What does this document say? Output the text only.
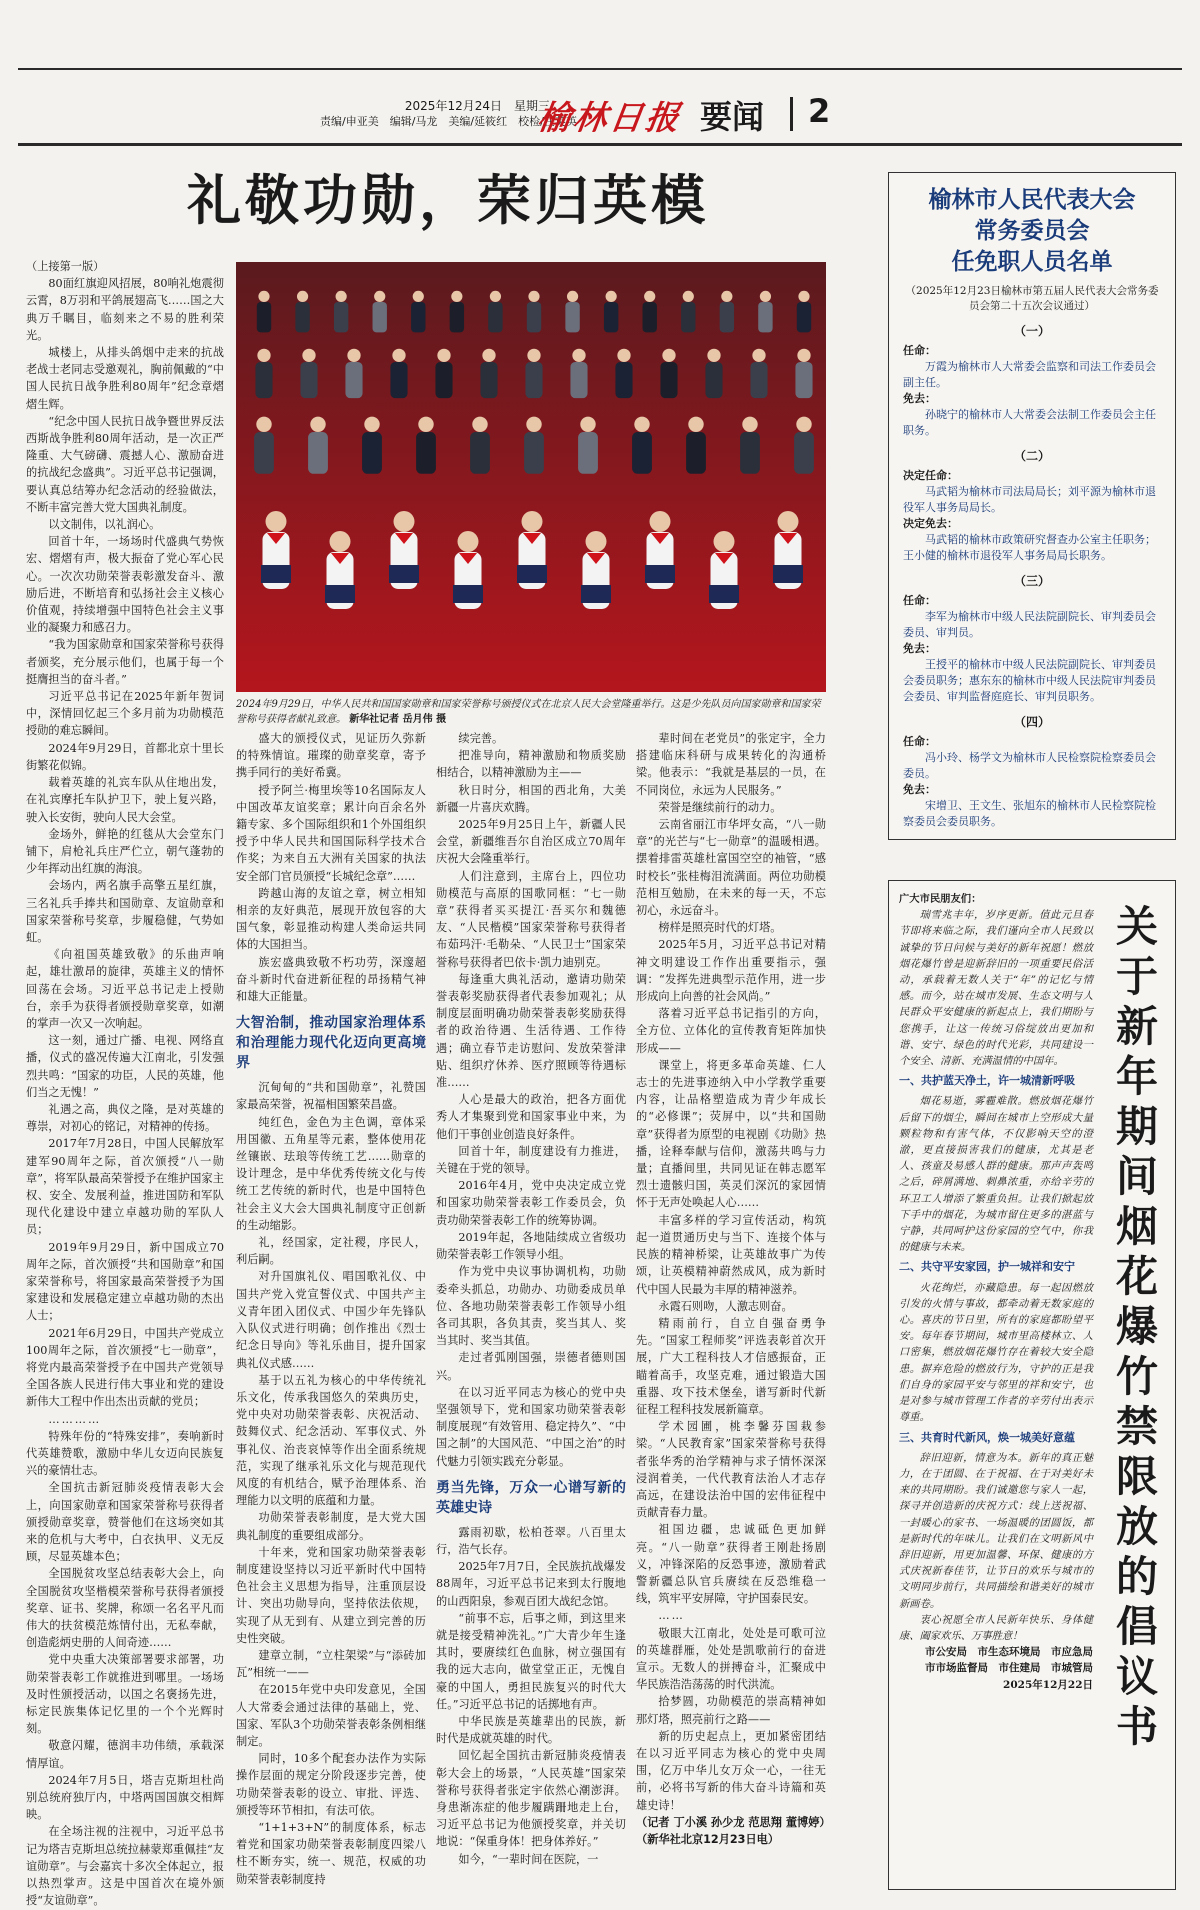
2025年12月24日　星期三
责编/申亚美　编辑/马龙　美编/延筱红　校检/任英英
榆林日报 要闻 2
礼敬功勋，荣归英模
2024年9月29日，中华人民共和国国家勋章和国家荣誉称号颁授仪式在北京人民大会堂隆重举行。这是少先队员向国家勋章和国家荣誉称号获得者献礼致意。 新华社记者 岳月伟 摄

（上接第一版）

80面红旗迎风招展，80响礼炮震彻云霄，8万羽和平鸽展翅高飞……国之大典万千瞩目，临刻来之不易的胜利荣光。

城楼上，从排头鸽烟中走来的抗战老战士老同志受邀观礼，胸前佩戴的“中国人民抗日战争胜利80周年”纪念章熠熠生辉。

“纪念中国人民抗日战争暨世界反法西斯战争胜利80周年活动，是一次正严隆重、大气磅礴、震撼人心、激励奋进的抗战纪念盛典”。习近平总书记强调，要认真总结筹办纪念活动的经验做法，不断丰富完善大党大国典礼制度。

以文制伟，以礼润心。

回首十年，一场场时代盛典气势恢宏、熠熠有声，极大振奋了党心军心民心。一次次功勋荣誉表彰激发奋斗、激励后进，不断培育和弘扬社会主义核心价值观，持续增强中国特色社会主义事业的凝聚力和感召力。

“我为国家勋章和国家荣誉称号获得者颁奖，充分展示他们，也属于每一个挺膺担当的奋斗者。”

习近平总书记在2025年新年贺词中，深情回忆起三个多月前为功勋模范授勋的难忘瞬间。

2024年9月29日，首都北京十里长街繁花似锦。

载着英雄的礼宾车队从住地出发，在礼宾摩托车队护卫下，驶上复兴路，驶入长安街，驶向人民大会堂。

金场外，鲜艳的红毯从大会堂东门铺下，肩枪礼兵庄严伫立，朝气蓬勃的少年挥动出红旗的海浪。

会场内，两名旗手高擎五星红旗，三名礼兵手捧共和国勋章、友谊勋章和国家荣誉称号奖章，步履稳健，气势如虹。

《向祖国英雄致敬》的乐曲声响起，雄壮激昂的旋律，英雄主义的情怀回荡在会场。习近平总书记走上授勋台，亲手为获得者颁授勋章奖章，如潮的掌声一次又一次响起。

这一刻，通过广播、电视、网络直播，仪式的盛况传遍大江南北，引发强烈共鸣：“国家的功臣，人民的英雄，他们当之无愧！”

礼遇之高，典仪之隆，是对英雄的尊崇，对初心的铭记，对精神的传扬。

2017年7月28日，中国人民解放军建军90周年之际，首次颁授“八一勋章”，将军队最高荣誉授予在维护国家主权、安全、发展利益，推进国防和军队现代化建设中建立卓越功勋的军队人员；

2019年9月29日，新中国成立70周年之际，首次颁授“共和国勋章”和国家荣誉称号，将国家最高荣誉授予为国家建设和发展稳定建立卓越功勋的杰出人士；

2021年6月29日，中国共产党成立100周年之际，首次颁授“七一勋章”，将党内最高荣誉授予在中国共产党领导全国各族人民进行伟大事业和党的建设新伟大工程中作出杰出贡献的党员；

…………

特殊年份的“特殊安排”，奏响新时代英雄赞歌，激励中华儿女迈向民族复兴的豪情壮志。

全国抗击新冠肺炎疫情表彰大会上，向国家勋章和国家荣誉称号获得者颁授勋章奖章，赞誉他们在这场突如其来的危机与大考中，白衣执甲、义无反顾，尽显英雄本色；

全国脱贫攻坚总结表彰大会上，向全国脱贫攻坚楷模荣誉称号获得者颁授奖章、证书、奖牌，称颂一名名平凡而伟大的扶贫模范炼情付出，无私奉献，创造彪炳史册的人间奇迹……

党中央重大决策部署要求部署，功勋荣誉表彰工作就推进到哪里。一场场及时性颁授活动，以国之名褒扬先进，标定民族集体记忆里的一个个光辉时刻。

敬意闪耀，德润丰功伟绩，承载深情厚谊。

2024年7月5日，塔吉克斯坦杜尚别总统府独厅内，中塔两国国旗交相辉映。

在全场注视的注视中，习近平总书记为塔吉克斯坦总统拉赫蒙郑重佩挂“友谊勋章”。与会嘉宾十多次全体起立，报以热烈掌声。这是中国首次在境外颁授“友谊勋章”。

盛大的颁授仪式，见证历久弥新的特殊情谊。璀璨的勋章奖章，寄予携手同行的美好希冀。

授予阿兰·梅里埃等10名国际友人中国改革友谊奖章；累计向百余名外籍专家、多个国际组织和1个外国组织授予中华人民共和国国际科学技术合作奖；为来自五大洲有关国家的执法安全部门官员颁授“长城纪念章”……

跨越山海的友谊之章，树立相知相亲的友好典范，展现开放包容的大国气象，彰显推动构建人类命运共同体的大国担当。

族宏盛典致敬不朽功劳，深邃超奋斗新时代奋进新征程的昂扬精气神和雄大正能量。

大智治制，推动国家治理体系和治理能力现代化迈向更高境界

沉甸甸的“共和国勋章”，礼赞国家最高荣誉，祝福相国繁荣昌盛。

纯红色，金色为主色调，章体采用国徽、五角星等元素，整体使用花丝镶嵌、珐琅等传统工艺……勋章的设计理念，是中华优秀传统文化与传统工艺传统的新时代，也是中国特色社会主义大会大国典礼制度守正创新的生动缩影。

礼，经国家，定社稷，序民人，利后嗣。

对升国旗礼仪、唱国歌礼仪、中国共产党入党宣誓仪式、中国共产主义青年团入团仪式、中国少年先锋队入队仪式进行明确；创作推出《烈士纪念日导向》等礼乐曲目，提升国家典礼仪式感……

基于以五礼为核心的中华传统礼乐文化，传承我国悠久的荣典历史，党中央对功勋荣誉表彰、庆祝活动、鼓舞仪式、纪念活动、军事仪式、外事礼仪、治丧哀悼等作出全面系统规范，实现了继承礼乐文化与规范现代风度的有机结合，赋予治理体系、治理能力以文明的底蕴和力量。

功勋荣誉表彰制度，是大党大国典礼制度的重要组成部分。

十年来，党和国家功勋荣誉表彰制度建设坚持以习近平新时代中国特色社会主义思想为指导，注重顶层设计、突出功勋导向，坚持依法依规，实现了从无到有、从建立到完善的历史性突破。

建章立制，“立柱架梁”与“添砖加瓦”相统一——

在2015年党中央印发意见，全国人大常委会通过法律的基础上，党、国家、军队3个功勋荣誉表彰条例相继制定。

同时，10多个配套办法作为实际操作层面的规定分阶段逐步完善，使功勋荣誉表彰的设立、审批、评选、颁授等环节相扣，有法可依。

“1+1+3+N”的制度体系，标志着党和国家功勋荣誉表彰制度四梁八柱不断夯实，统一、规范，权威的功勋荣誉表彰制度持

续完善。

把准导向，精神激励和物质奖励相结合，以精神激励为主——

秋日时分，相国的西北角，大美新疆一片喜庆欢腾。

2025年9月25日上午，新疆人民会堂，新疆维吾尔自治区成立70周年庆祝大会隆重举行。

人们注意到，主席台上，四位功勋模范与高原的国歌同框：“七一勋章”获得者买买提江·吾买尔和魏德友、“人民楷模”国家荣誉称号获得者布茹玛汗·毛勒朵、“人民卫士”国家荣誉称号获得者巴依卡·凯力迪别克。

每逢重大典礼活动，邀请功勋荣誉表彰奖励获得者代表参加观礼；从制度层面明确功勋荣誉表彰奖励获得者的政治待遇、生活待遇、工作待遇；确立春节走访慰问、发放荣誉津贴、组织疗休养、医疗照顾等待遇标准……

人心是最大的政治，把各方面优秀人才集聚到党和国家事业中来，为他们干事创业创造良好条件。

回首十年，制度建设有力推进，关键在于党的领导。

2016年4月，党中央决定成立党和国家功勋荣誉表彰工作委员会，负责功勋荣誉表彰工作的统筹协调。

2019年起，各地陆续成立省级功勋荣誉表彰工作领导小组。

作为党中央议事协调机构，功勋委牵头抓总，功勋办、功勋委成员单位、各地功勋荣誉表彰工作领导小组各司其职，各负其责，奖当其人、奖当其时、奖当其值。

走过者弧刚国强，崇德者德则国兴。

在以习近平同志为核心的党中央坚强领导下，党和国家功勋荣誉表彰制度展现“有效管用、稳定持久”、“中国之制”的大国风范、“中国之治”的时代魅力引领实践充分彰显。

勇当先锋，万众一心谱写新的英雄史诗

露雨初歇，松柏苍翠。八百里太行，浩气长存。

2025年7月7日，全民族抗战爆发88周年，习近平总书记来到太行腹地的山西阳泉，参观百团大战纪念馆。

“前事不忘，后事之师，到这里来就是接受精神洗礼。”广大青少年生逢其时，要赓续红色血脉，树立强国有我的远大志向，做堂堂正正，无愧自豪的中国人，勇担民族复兴的时代大任。”习近平总书记的话掷地有声。

中华民族是英雄辈出的民族，新时代是成就英雄的时代。

回忆起全国抗击新冠肺炎疫情表彰大会上的场景，“人民英雄”国家荣誉称号获得者张定宇依然心潮澎湃。身患渐冻症的他步履蹒跚地走上台，习近平总书记为他颁授奖章，并关切地说：“保重身体！把身体养好。”

如今，“一辈时间在医院，一

辈时间在老党员”的张定宇，全力搭建临床科研与成果转化的沟通桥梁。他表示：“我就是基层的一员，在不同岗位，永远为人民服务。”

荣誉是继续前行的动力。

云南省丽江市华坪女高，“八一勋章”的光芒与“七一勋章”的温暖相遇。摆着排雷英雄杜富国空空的袖管，“感时校长”张桂梅泪流满面。两位功勋模范相互勉励，在未来的每一天，不忘初心，永远奋斗。

榜样是照亮时代的灯塔。

2025年5月，习近平总书记对精神文明建设工作作出重要指示，强调：“发挥先进典型示范作用，进一步形成向上向善的社会风尚。”

落着习近平总书记指引的方向，全方位、立体化的宣传教育矩阵加快形成——

课堂上，将更多革命英雄、仁人志士的先进事迹纳入中小学教学重要内容，让品格塑造成为青少年成长的“必修课”；荧屏中，以“共和国勋章”获得者为原型的电视剧《功勋》热播，诠释奉献与信仰，激荡共鸣与力量；直播间里，共同见证在韩志愿军烈士遗骸归国，英灵们深沉的家园情怀于无声处唤起人心……

丰富多样的学习宣传活动，构筑起一道贯通历史与当下、连接个体与民族的精神桥梁，让英雄故事广为传颂，让英模精神蔚然成风，成为新时代中国人民最为丰厚的精神滋养。

永霞石则吻，人激志则奋。

精雨前行，自立自强奋勇争先。“国家工程师奖”评选表彰首次开展，广大工程科技人才信感振奋，正瞄着高手，攻坚克难，通过锻造大国重器、攻下技术堡垒，谱写新时代新征程工程科技发展新篇章。

学术园圃，桃李馨芬国栽参梁。“人民教育家”国家荣誉称号获得者张华秀的治学精神与求子情怀深深浸润着美，一代代教育法治人才志存高远，在建设法治中国的宏伟征程中贡献青春力量。

祖国边疆，忠诚砥色更加鲜亮。“八一勋章”获得者王刚赴扬剧义，冲锋深陷的反恐事迹，激励着武警新疆总队官兵赓续在反恐维稳一线，筑牢平安屏障，守护国泰民安。

……

敬眼大江南北，处处是可歌可泣的英雄群雁，处处是凯歌前行的奋进宣示。无数人的拼搏奋斗，汇聚成中华民族浩浩荡荡的时代洪流。

拾梦圆，功勋模范的崇高精神如那灯塔，照亮前行之路——

新的历史起点上，更加紧密团结在以习近平同志为核心的党中央周围，亿万中华儿女万众一心，一往无前，必将书写新的伟大奋斗诗篇和英雄史诗！

（记者 丁小溪 孙少龙 范思翔 董博婷）

（新华社北京12月23日电）

榆林市人民代表大会
常务委员会
任免职人员名单
（2025年12月23日榆林市第五届人民代表大会常务委员会第二十五次会议通过）
（一）
任命：
万霞为榆林市人大常委会监察和司法工作委员会副主任。
免去：
孙晓宁的榆林市人大常委会法制工作委员会主任职务。
（二）
决定任命：
马武韬为榆林市司法局局长；刘平源为榆林市退役军人事务局局长。
决定免去：
马武韬的榆林市政策研究督查办公室主任职务；王小健的榆林市退役军人事务局局长职务。
（三）
任命：
李军为榆林市中级人民法院副院长、审判委员会委员、审判员。
免去：
王授平的榆林市中级人民法院副院长、审判委员会委员职务；惠东东的榆林市中级人民法院审判委员会委员、审判监督庭庭长、审判员职务。
（四）
任命：
冯小玲、杨学文为榆林市人民检察院检察委员会委员。
免去：
宋增卫、王文生、张旭东的榆林市人民检察院检察委员会委员职务。

广大市民朋友们：

瑞雪兆丰年，岁序更新。值此元旦春节即将来临之际，我们谨向全市人民致以诚挚的节日问候与美好的新年祝愿！燃放烟花爆竹曾是迎新辞旧的一项重要民俗活动，承载着无数人关于“年”的记忆与情感。而今，站在城市发展、生态文明与人民群众平安健康的新起点上，我们期盼与您携手，让这一传统习俗绽放出更加和谐、安宁、绿色的时代光彩，共同建设一个安全、清新、充满温情的中国年。

一、共护蓝天净土，许一城清新呼吸

烟花易逝，雾霾难散。燃放烟花爆竹后留下的烟尘，瞬间在城市上空形成大量颗粒物和有害气体，不仅影响天空的澄澈，更直接损害我们的健康，尤其是老人、孩童及易感人群的健康。那声声轰鸣之后，碎屑满地、刺鼻浓重，亦给辛劳的环卫工人增添了繁重负担。让我们掀起放下手中的烟花，为城市留住更多的湛蓝与宁静，共同呵护这份家园的空气中，你我的健康与未来。

二、共守平安家园，护一城祥和安宁

火花绚烂，亦藏隐患。每一起因燃放引发的火情与事故，都牵动着无数家庭的心。喜庆的节日里，所有的家庭都盼望平安。每年春节期间，城市里高楼林立、人口密集，燃放烟花爆竹存在着较大安全隐患。摒弃危险的燃放行为，守护的正是我们自身的家园平安与邻里的祥和安宁，也是对参与城市管理工作者的辛劳付出表示尊重。

三、共育时代新风，焕一城美好意蕴

辞旧迎新，情意为本。新年的真正魅力，在于团圆、在于祝福、在于对美好未来的共同期盼。我们诚邀您与家人一起，探寻并创造新的庆祝方式：线上送祝福、一封暖心的家书、一场温暖的团圆饭，都是新时代的年味儿。让我们在文明新风中辞旧迎新，用更加温馨、环保、健康的方式庆祝新春佳节，让节日的欢乐与城市的文明同步前行，共同描绘和谐美好的城市新画卷。

衷心祝愿全市人民新年快乐、身体健康、阖家欢乐、万事胜意！

市公安局　市生态环境局　市应急局

市市场监督局　市住建局　市城管局

2025年12月22日

关
于
新
年
期
间
烟
花
爆
竹
禁
限
放
的
倡
议
书
